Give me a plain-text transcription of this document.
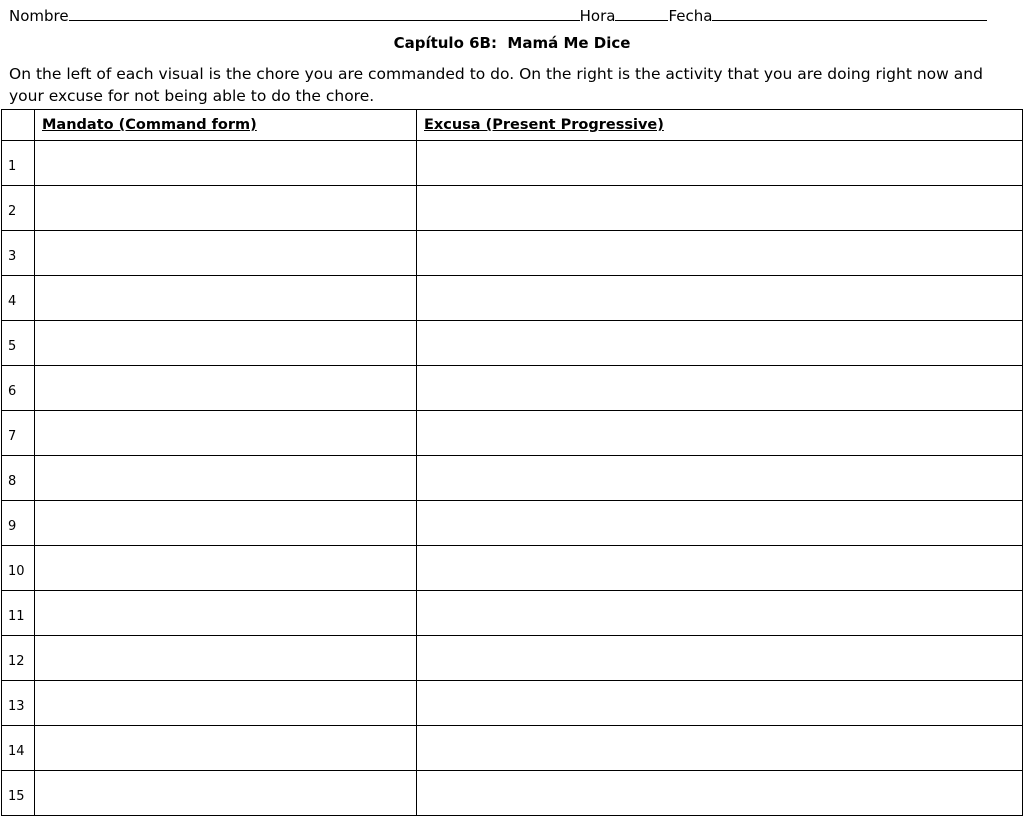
Nombre	Hora	Fecha
Capítulo 6B:  Mamá Me Dice
On the left of each visual is the chore you are commanded to do. On the right is the activity that you are doing right now and your excuse for not being able to do the chore.
	Mandato (Command form)	Excusa (Present Progressive)
1		
2		
3		
4		
5		
6		
7		
8		
9		
10		
11		
12		
13		
14		
15		
